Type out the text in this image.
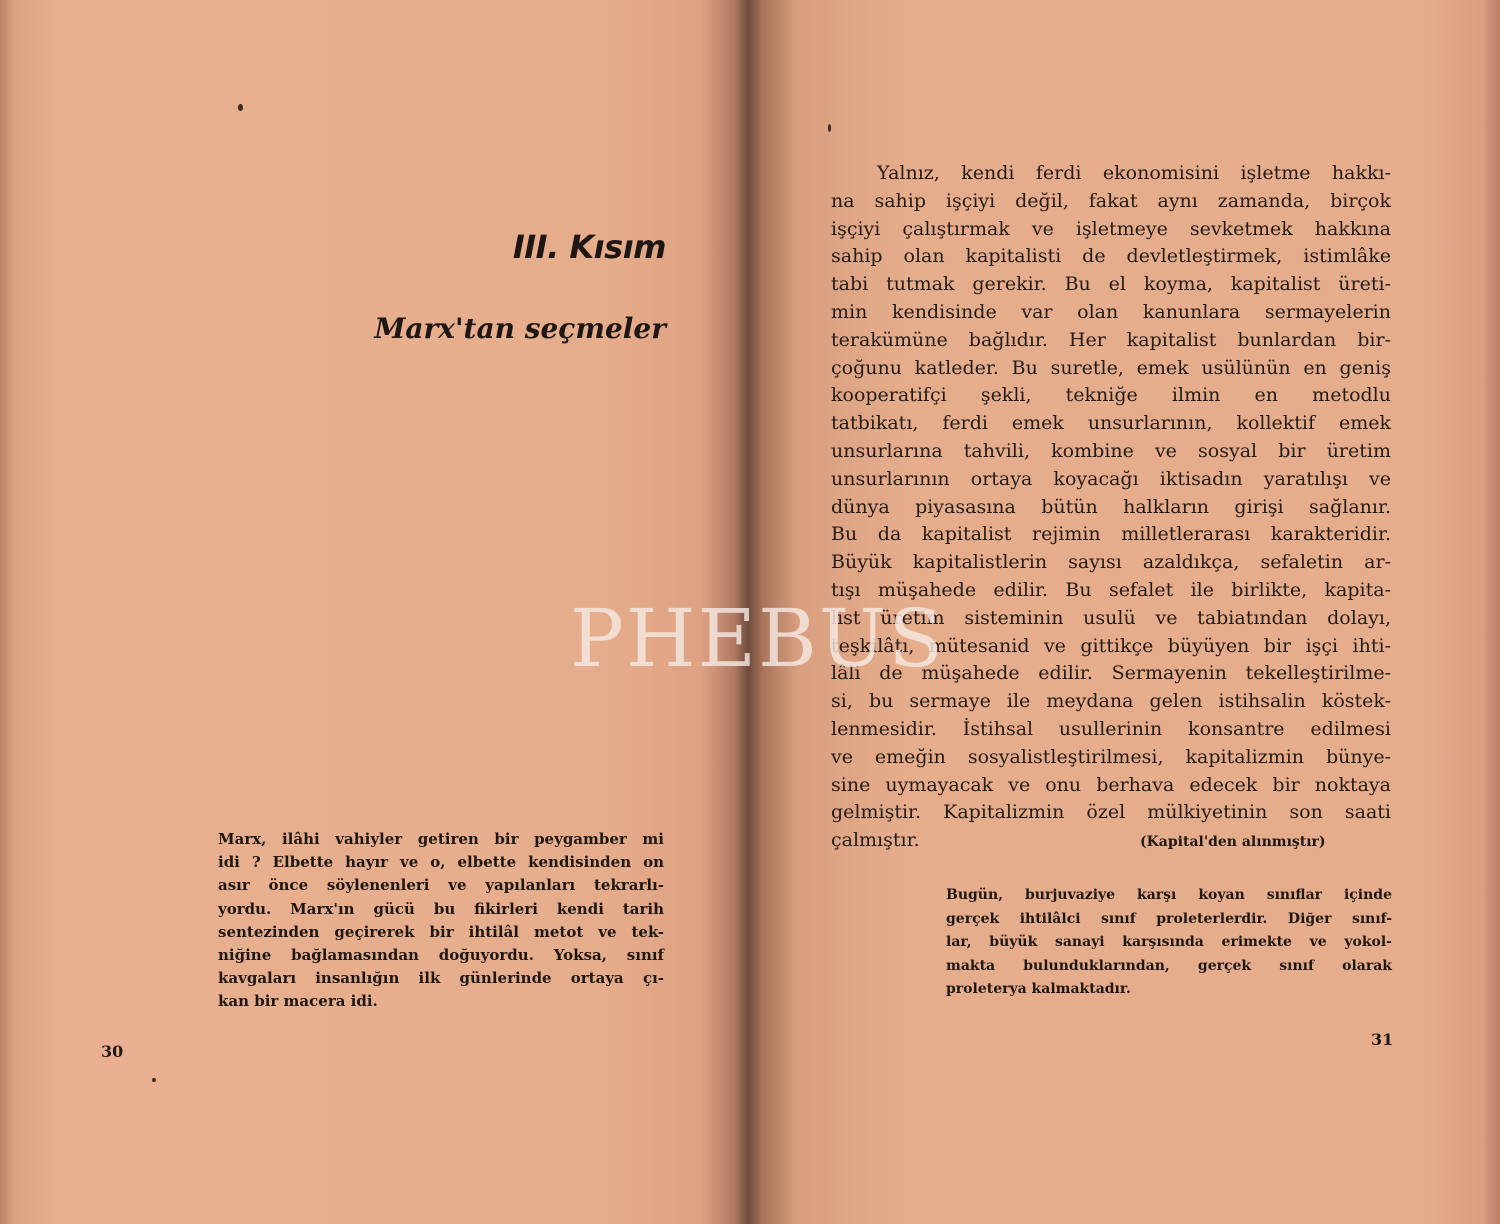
III. Kısım

Marx'tan seçmeler

Marx, ilâhi vahiyler getiren bir peygamber mi
idi ? Elbette hayır ve o, elbette kendisinden on
asır önce söylenenleri ve yapılanları tekrarlı-
yordu. Marx'ın gücü bu fikirleri kendi tarih
sentezinden geçirerek bir ihtilâl metot ve tek-
niğine bağlamasından doğuyordu. Yoksa, sınıf
kavgaları insanlığın ilk günlerinde ortaya çı-
kan bir macera idi.

30

Yalnız, kendi ferdi ekonomisini işletme hakkı-
na sahip işçiyi değil, fakat aynı zamanda, birçok
işçiyi çalıştırmak ve işletmeye sevketmek hakkına
sahip olan kapitalisti de devletleştirmek, istimlâke
tabi tutmak gerekir. Bu el koyma, kapitalist üreti-
min kendisinde var olan kanunlara sermayelerin
terakümüne bağlıdır. Her kapitalist bunlardan bir-
çoğunu katleder. Bu suretle, emek usülünün en geniş
kooperatifçi şekli, tekniğe ilmin en metodlu
tatbikatı, ferdi emek unsurlarının, kollektif emek
unsurlarına tahvili, kombine ve sosyal bir üretim
unsurlarının ortaya koyacağı iktisadın yaratılışı ve
dünya piyasasına bütün halkların girişi sağlanır.
Bu da kapitalist rejimin milletlerarası karakteridir.
Büyük kapitalistlerin sayısı azaldıkça, sefaletin ar-
tışı müşahede edilir. Bu sefalet ile birlikte, kapita-
list üretim sisteminin usulü ve tabiatından dolayı,
teşkilâtı, mütesanid ve gittikçe büyüyen bir işçi ihti-
lâli de müşahede edilir. Sermayenin tekelleştirilme-
si, bu sermaye ile meydana gelen istihsalin köstek-
lenmesidir. İstihsal usullerinin konsantre edilmesi
ve emeğin sosyalistleştirilmesi, kapitalizmin bünye-
sine uymayacak ve onu berhava edecek bir noktaya
gelmiştir. Kapitalizmin özel mülkiyetinin son saati
çalmıştır.	(Kapital'den alınmıştır)

Bugün, burjuvaziye karşı koyan sınıflar içinde
gerçek ihtilâlci sınıf proleterlerdir. Diğer sınıf-
lar, büyük sanayi karşısında erimekte ve yokol-
makta bulunduklarından, gerçek sınıf olarak
proleterya kalmaktadır.

31

PHEBUS
